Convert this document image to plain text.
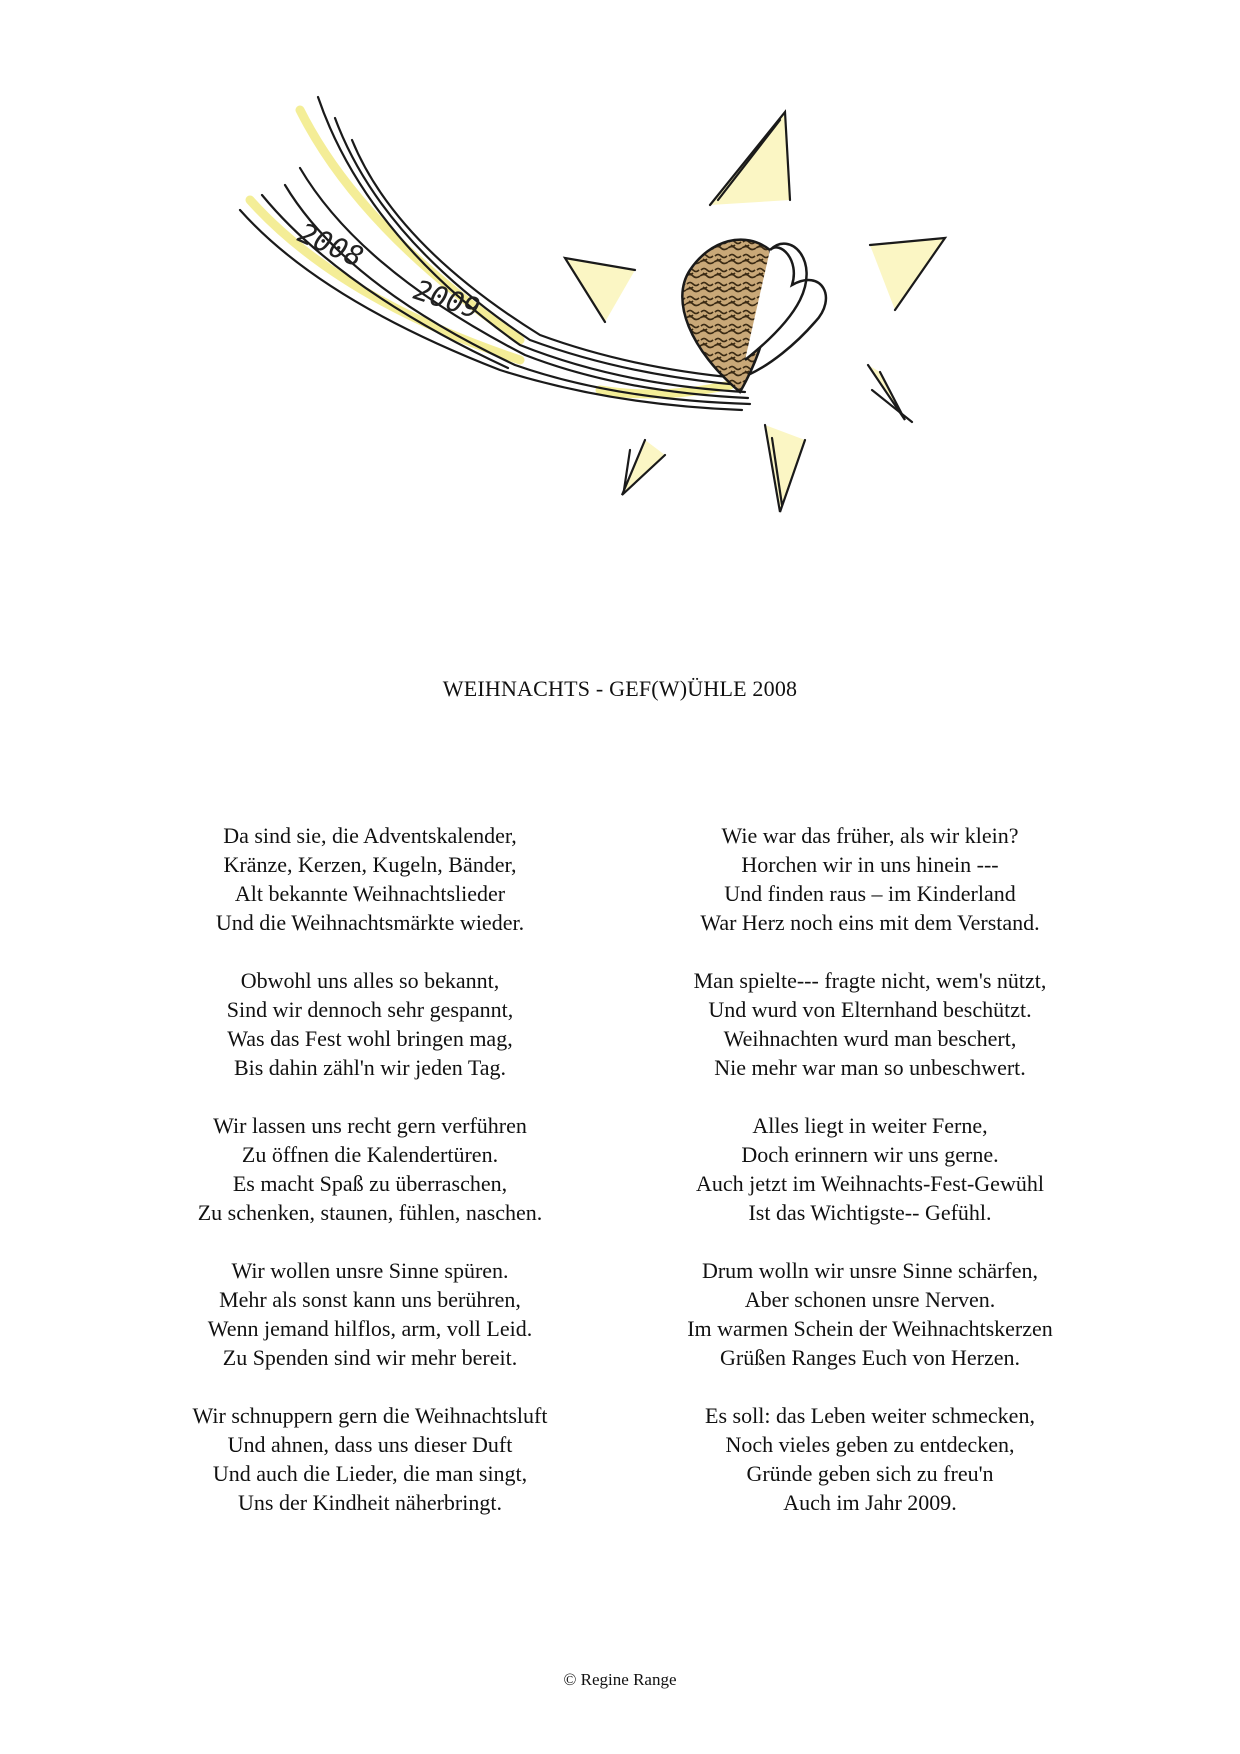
2008
2009
WEIHNACHTS - GEF(W)ÜHLE 2008
Da sind sie, die Adventskalender,
Kränze, Kerzen, Kugeln, Bänder,
Alt bekannte Weihnachtslieder
Und die Weihnachtsmärkte wieder.
Obwohl uns alles so bekannt,
Sind wir dennoch sehr gespannt,
Was das Fest wohl bringen mag,
Bis dahin zähl'n wir jeden Tag.
Wir lassen uns recht gern verführen
Zu öffnen die Kalendertüren.
Es macht Spaß zu überraschen,
Zu schenken, staunen, fühlen, naschen.
Wir wollen unsre Sinne spüren.
Mehr als sonst kann uns berühren,
Wenn jemand hilflos, arm, voll Leid.
Zu Spenden sind wir mehr bereit.
Wir schnuppern gern die Weihnachtsluft
Und ahnen, dass uns dieser Duft
Und auch die Lieder, die man singt,
Uns der Kindheit näherbringt.
Wie war das früher, als wir klein?
Horchen wir in uns hinein ---
Und finden raus – im Kinderland
War Herz noch eins mit dem Verstand.
Man spielte--- fragte nicht, wem's nützt,
Und wurd von Elternhand beschützt.
Weihnachten wurd man beschert,
Nie mehr war man so unbeschwert.
Alles liegt in weiter Ferne,
Doch erinnern wir uns gerne.
Auch jetzt im Weihnachts-Fest-Gewühl
Ist das Wichtigste-- Gefühl.
Drum wolln wir unsre Sinne schärfen,
Aber schonen unsre Nerven.
Im warmen Schein der Weihnachtskerzen
Grüßen Ranges Euch von Herzen.
Es soll: das Leben weiter schmecken,
Noch vieles geben zu entdecken,
Gründe geben sich zu freu'n
Auch im Jahr 2009.
© Regine Range
